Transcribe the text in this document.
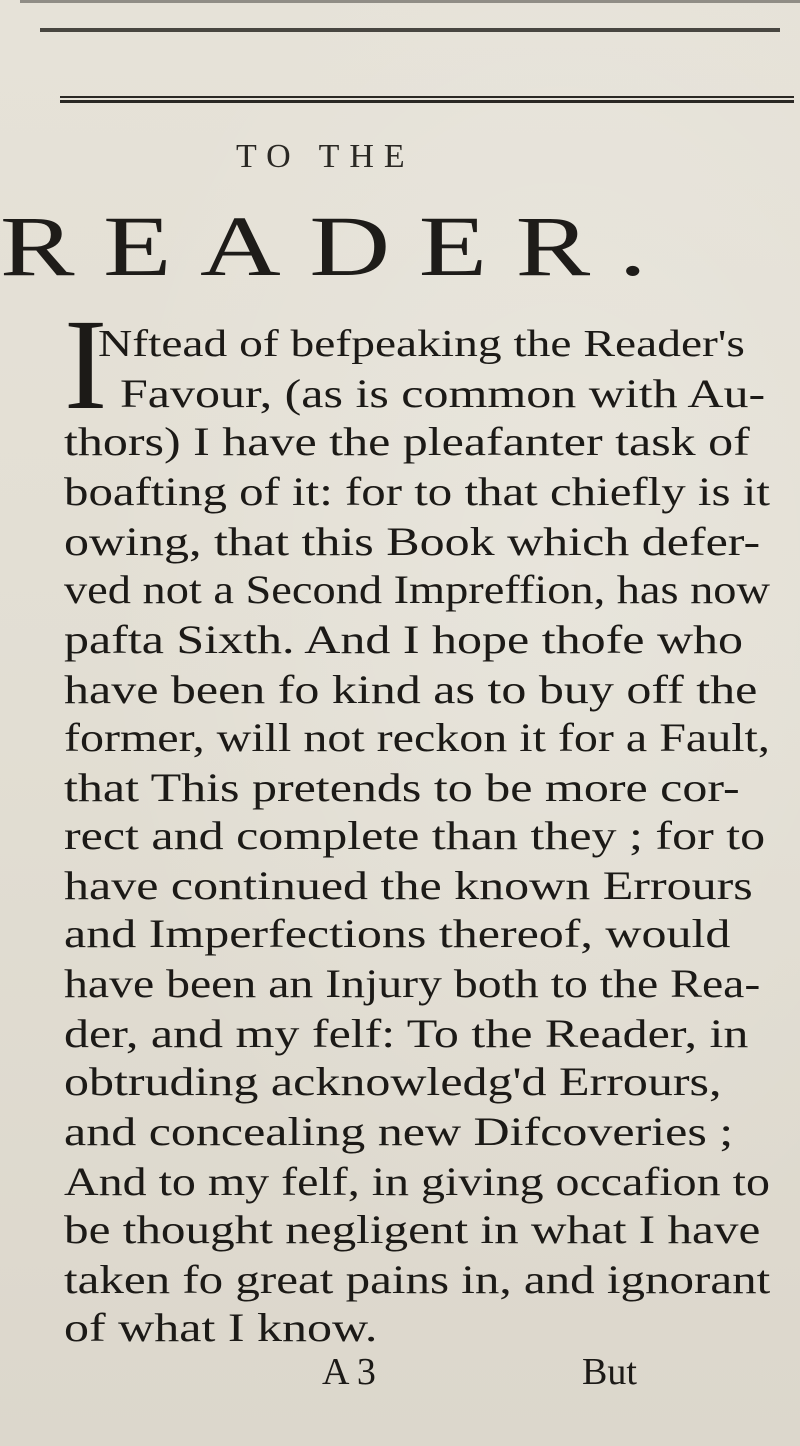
TO THE
READER.
I
Nftead of befpeaking the Reader's
Favour, (as is common with Au-
thors) I have the pleafanter task of
boafting of it: for to that chiefly is it
owing, that this Book which defer-
ved not a Second Impreffion, has now
pafta Sixth. And I hope thofe who
have been fo kind as to buy off the
former, will not reckon it for a Fault,
that This pretends to be more cor-
rect and complete than they ; for to
have continued the known Errours
and Imperfections thereof, would
have been an Injury both to the Rea-
der, and my felf: To the Reader, in
obtruding acknowledg'd Errours,
and concealing new Difcoveries ;
And to my felf, in giving occafion to
be thought negligent in what I have
taken fo great pains in, and ignorant
of what I know.
A 3	But
